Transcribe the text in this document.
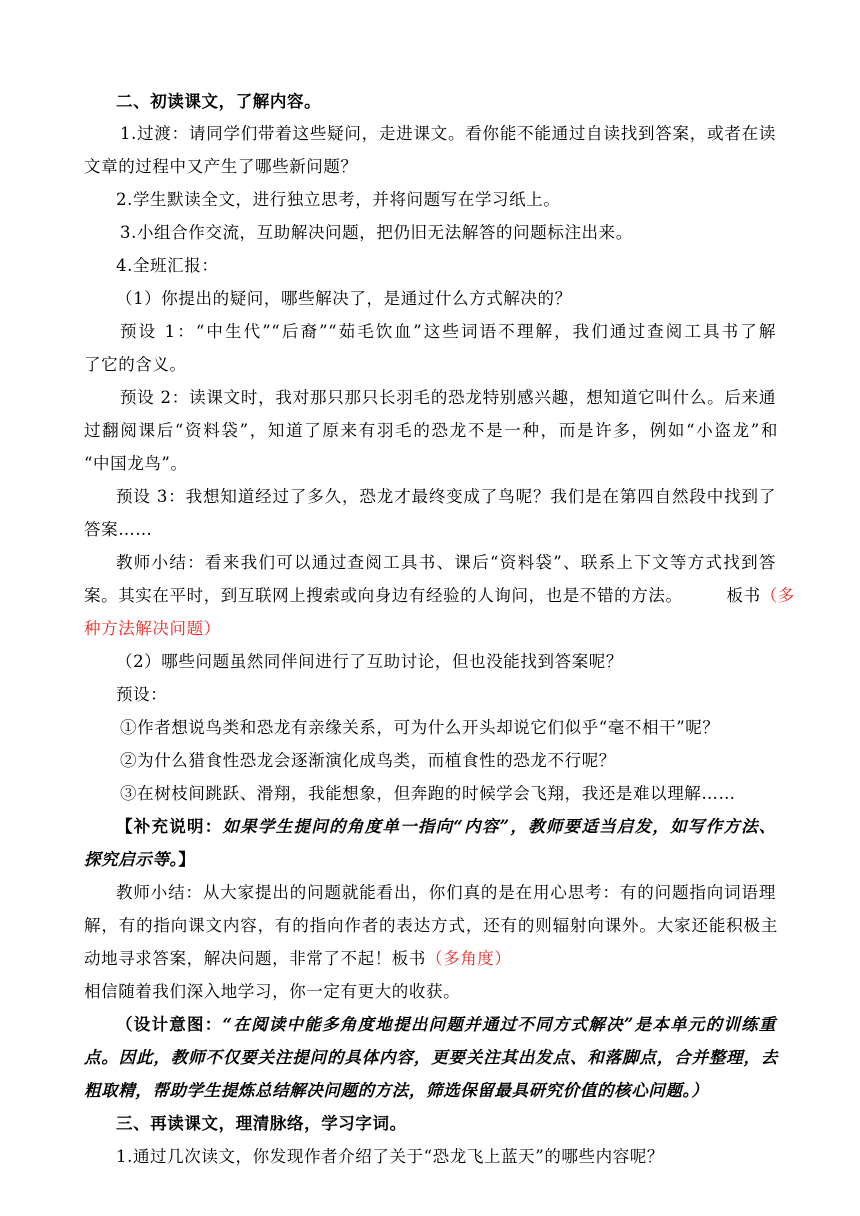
二、初读课文，了解内容。
1.过渡：请同学们带着这些疑问，走进课文。看你能不能通过自读找到答案，或者在读
文章的过程中又产生了哪些新问题？
2.学生默读全文，进行独立思考，并将问题写在学习纸上。
3.小组合作交流，互助解决问题，把仍旧无法解答的问题标注出来。
4.全班汇报：
（1）你提出的疑问，哪些解决了，是通过什么方式解决的？
预设 1：“中生代”“后裔”“茹毛饮血”这些词语不理解，我们通过查阅工具书了解
了它的含义。
预设 2：读课文时，我对那只那只长羽毛的恐龙特别感兴趣，想知道它叫什么。后来通
过翻阅课后“资料袋”，知道了原来有羽毛的恐龙不是一种，而是许多，例如“小盗龙”和
“中国龙鸟”。
预设 3：我想知道经过了多久，恐龙才最终变成了鸟呢？我们是在第四自然段中找到了
答案……
教师小结：看来我们可以通过查阅工具书、课后“资料袋”、联系上下文等方式找到答
案。其实在平时，到互联网上搜索或向身边有经验的人询问，也是不错的方法。	板书（多
种方法解决问题）
（2）哪些问题虽然同伴间进行了互助讨论，但也没能找到答案呢？
预设：
①作者想说鸟类和恐龙有亲缘关系，可为什么开头却说它们似乎“毫不相干”呢？
②为什么猎食性恐龙会逐渐演化成鸟类，而植食性的恐龙不行呢？
③在树枝间跳跃、滑翔，我能想象，但奔跑的时候学会飞翔，我还是难以理解……
【补充说明：如果学生提问的角度单一指向“内容”，教师要适当启发，如写作方法、
探究启示等。】
教师小结：从大家提出的问题就能看出，你们真的是在用心思考：有的问题指向词语理
解，有的指向课文内容，有的指向作者的表达方式，还有的则辐射向课外。大家还能积极主
动地寻求答案，解决问题，非常了不起！板书（多角度）
相信随着我们深入地学习，你一定有更大的收获。
（设计意图：“在阅读中能多角度地提出问题并通过不同方式解决”是本单元的训练重
点。因此，教师不仅要关注提问的具体内容，更要关注其出发点、和落脚点，合并整理，去
粗取精，帮助学生提炼总结解决问题的方法，筛选保留最具研究价值的核心问题。）
三、再读课文，理清脉络，学习字词。
1.通过几次读文，你发现作者介绍了关于“恐龙飞上蓝天”的哪些内容呢？
